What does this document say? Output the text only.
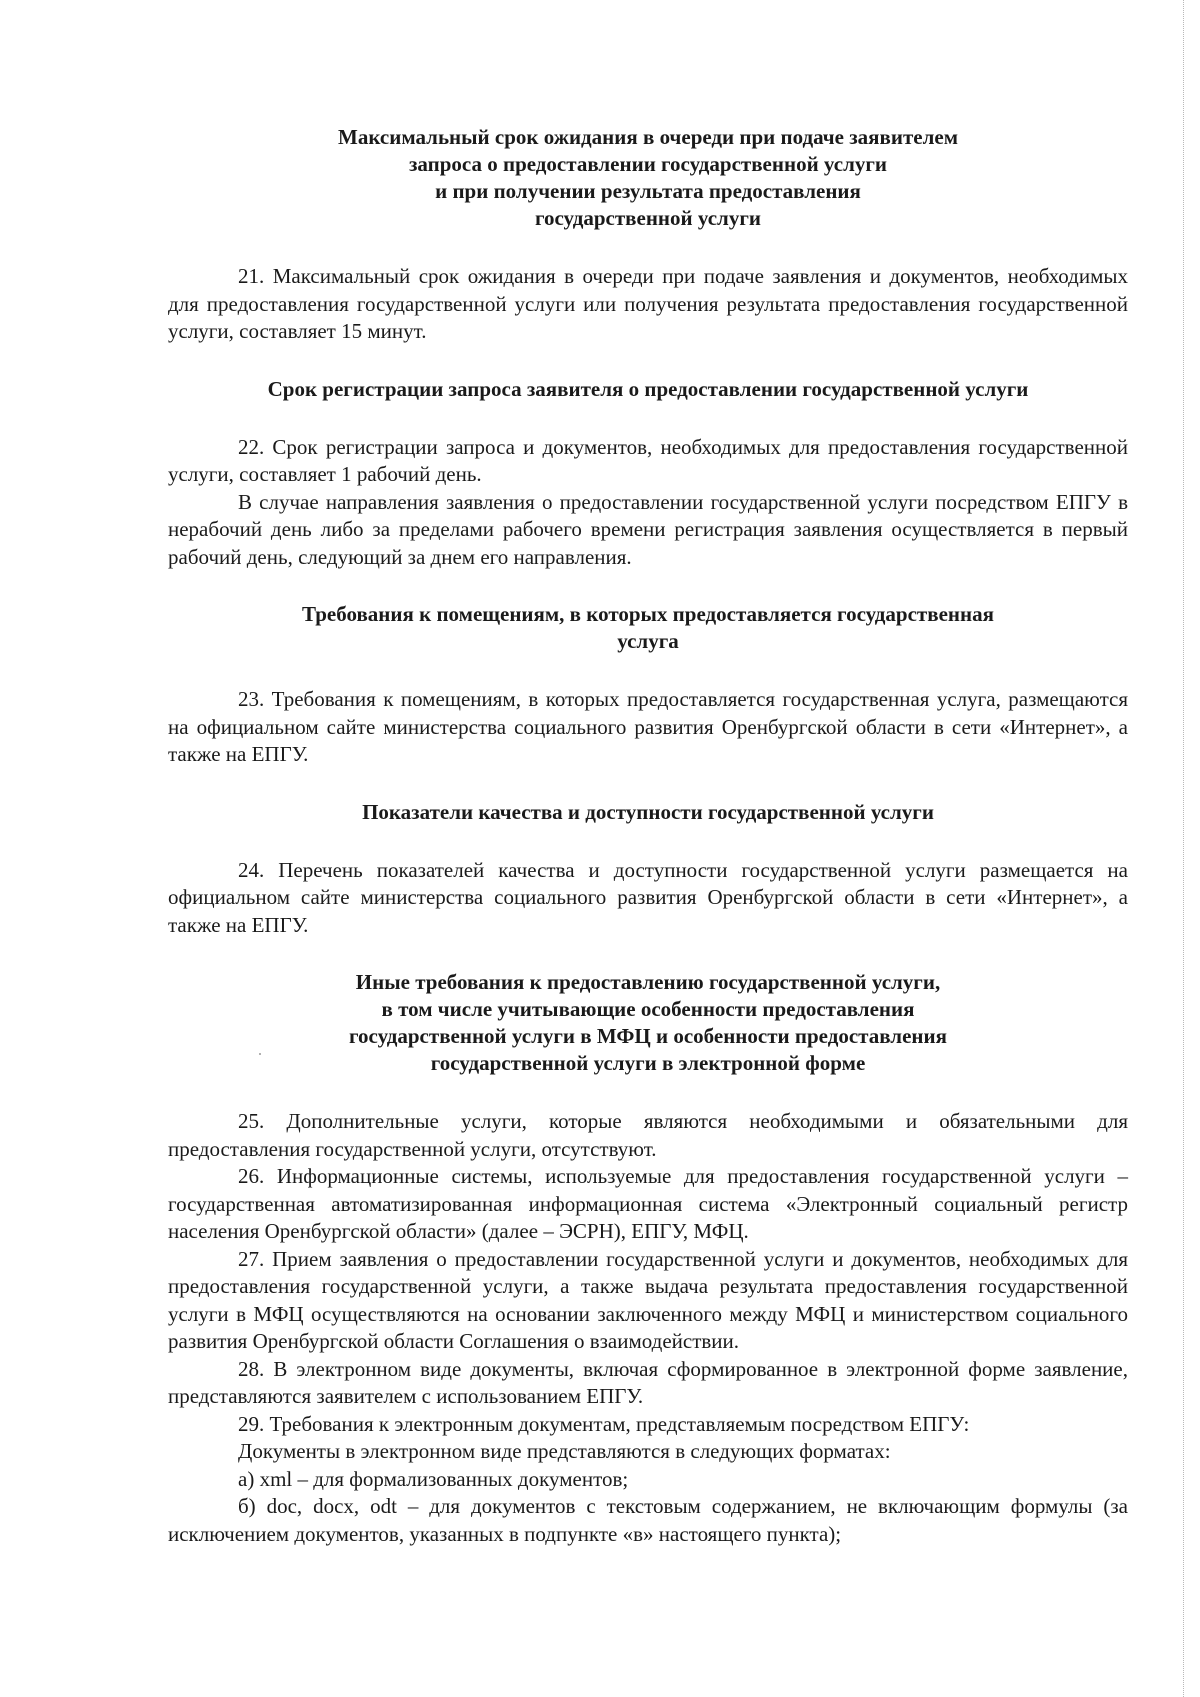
Максимальный срок ожидания в очереди при подаче заявителем
запроса о предоставлении государственной услуги
и при получении результата предоставления
государственной услуги

21. Максимальный срок ожидания в очереди при подаче заявления и документов, необходимых для предоставления государственной услуги или получения результата предоставления государственной услуги, составляет 15 минут.

Срок регистрации запроса заявителя о предоставлении государственной услуги

22. Срок регистрации запроса и документов, необходимых для предоставления государственной услуги, составляет 1 рабочий день.

В случае направления заявления о предоставлении государственной услуги посредством ЕПГУ в нерабочий день либо за пределами рабочего времени регистрация заявления осуществляется в первый рабочий день, следующий за днем его направления.

Требования к помещениям, в которых предоставляется государственная
услуга

23. Требования к помещениям, в которых предоставляется государственная услуга, размещаются на официальном сайте министерства социального развития Оренбургской области в сети «Интернет», а также на ЕПГУ.

Показатели качества и доступности государственной услуги

24. Перечень показателей качества и доступности государственной услуги размещается на официальном сайте министерства социального развития Оренбургской области в сети «Интернет», а также на ЕПГУ.

Иные требования к предоставлению государственной услуги,
в том числе учитывающие особенности предоставления
государственной услуги в МФЦ и особенности предоставления
государственной услуги в электронной форме

25. Дополнительные услуги, которые являются необходимыми и обязательными для предоставления государственной услуги, отсутствуют.

26. Информационные системы, используемые для предоставления государственной услуги – государственная автоматизированная информационная система «Электронный социальный регистр населения Оренбургской области» (далее – ЭСРН), ЕПГУ, МФЦ.

27. Прием заявления о предоставлении государственной услуги и документов, необходимых для предоставления государственной услуги, а также выдача результата предоставления государственной услуги в МФЦ осуществляются на основании заключенного между МФЦ и министерством социального развития Оренбургской области Соглашения о взаимодействии.

28. В электронном виде документы, включая сформированное в электронной форме заявление, представляются заявителем с использованием ЕПГУ.

29. Требования к электронным документам, представляемым посредством ЕПГУ:

Документы в электронном виде представляются в следующих форматах:

а) xml – для формализованных документов;

б) doc, docx, odt – для документов с текстовым содержанием, не включающим формулы (за исключением документов, указанных в подпункте «в» настоящего пункта);
